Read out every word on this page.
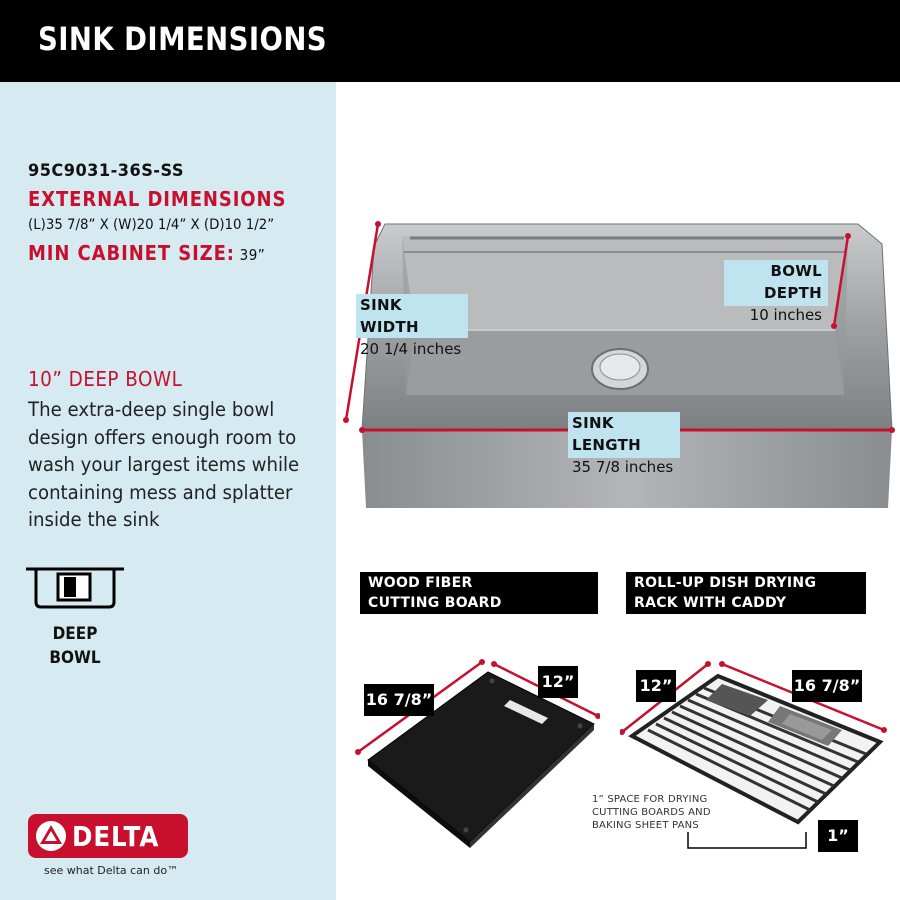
SINK DIMENSIONS
95C9031-36S-SS
EXTERNAL DIMENSIONS
(L)35 7/8” X (W)20 1/4” X (D)10 1/2”
MIN CABINET SIZE: 39”
10” DEEP BOWL
The extra-deep single bowl design offers enough room to wash your largest items while containing mess and splatter inside the sink
DEEP
BOWL
DELTA
see what Delta can do™
SINK WIDTH
20 1/4 inches
BOWL DEPTH
10 inches
SINK LENGTH
35 7/8 inches
WOOD FIBER
CUTTING BOARD
ROLL-UP DISH DRYING
RACK WITH CADDY
16 7/8”
12”	12”	16 7/8”
1”
1” SPACE FOR DRYING
CUTTING BOARDS AND
BAKING SHEET PANS
